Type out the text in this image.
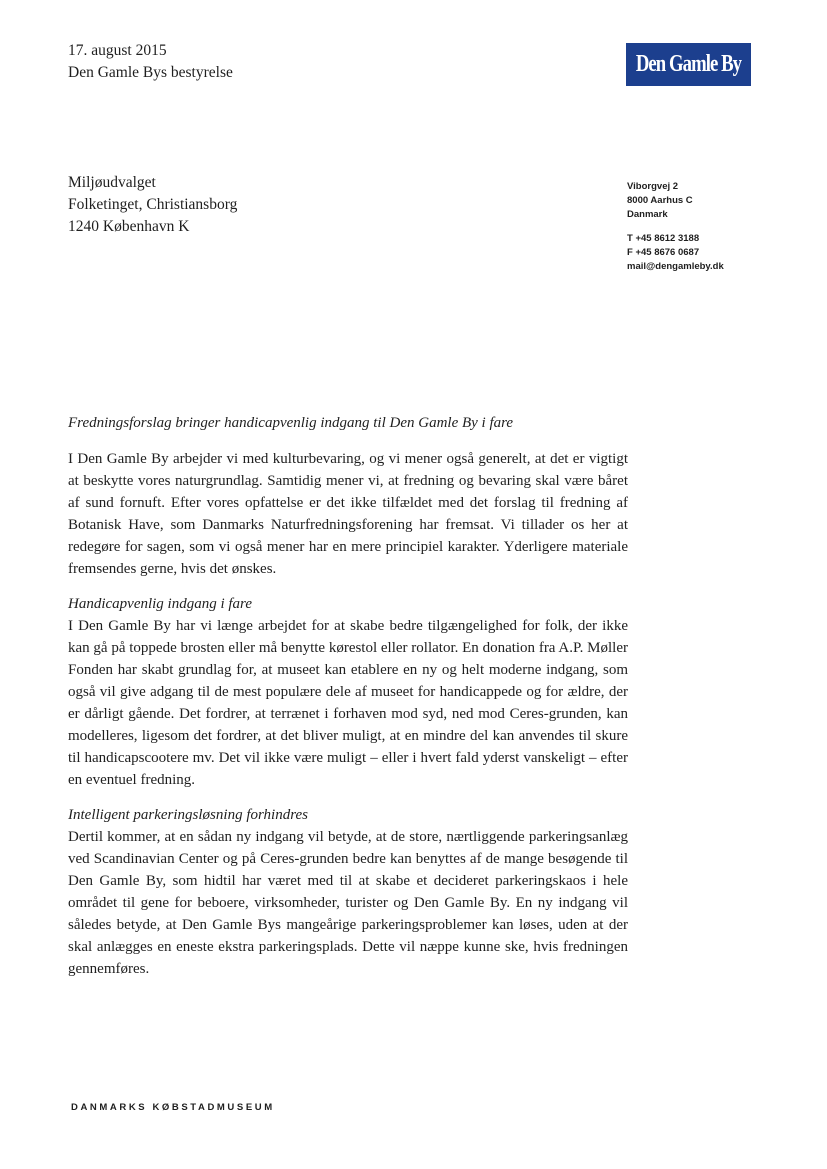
17. august 2015
Den Gamle Bys bestyrelse	Den Gamle By
Miljøudvalget
Folketinget, Christiansborg
1240 København K
Viborgvej 2
8000 Aarhus C
Danmark
T +45 8612 3188
F +45 8676 0687
mail@dengamleby.dk

Fredningsforslag bringer handicapvenlig indgang til Den Gamle By i fare

I Den Gamle By arbejder vi med kulturbevaring, og vi mener også generelt, at det er vigtigt at beskytte vores naturgrundlag. Samtidig mener vi, at fredning og bevaring skal være båret af sund fornuft. Efter vores opfattelse er det ikke tilfældet med det forslag til fredning af Botanisk Have, som Danmarks Naturfredningsforening har fremsat. Vi tillader os her at redegøre for sagen, som vi også mener har en mere principiel karakter. Yderligere materiale fremsendes gerne, hvis det ønskes.

Handicapvenlig indgang i fare

I Den Gamle By har vi længe arbejdet for at skabe bedre tilgængelighed for folk, der ikke kan gå på toppede brosten eller må benytte kørestol eller rollator. En donation fra A.P. Møller Fonden har skabt grundlag for, at museet kan etablere en ny og helt moderne indgang, som også vil give adgang til de mest populære dele af museet for handicappede og for ældre, der er dårligt gående. Det fordrer, at terrænet i forhaven mod syd, ned mod Ceres-grunden, kan modelleres, ligesom det fordrer, at det bliver muligt, at en mindre del kan anvendes til skure til handicapscootere mv. Det vil ikke være muligt – eller i hvert fald yderst vanskeligt – efter en eventuel fredning.

Intelligent parkeringsløsning forhindres

Dertil kommer, at en sådan ny indgang vil betyde, at de store, nærtliggende parkeringsanlæg ved Scandinavian Center og på Ceres-grunden bedre kan benyttes af de mange besøgende til Den Gamle By, som hidtil har været med til at skabe et decideret parkeringskaos i hele området til gene for beboere, virksomheder, turister og Den Gamle By. En ny indgang vil således betyde, at Den Gamle Bys mangeårige parkeringsproblemer kan løses, uden at der skal anlægges en eneste ekstra parkeringsplads. Dette vil næppe kunne ske, hvis fredningen gennemføres.

DANMARKS KØBSTADMUSEUM
